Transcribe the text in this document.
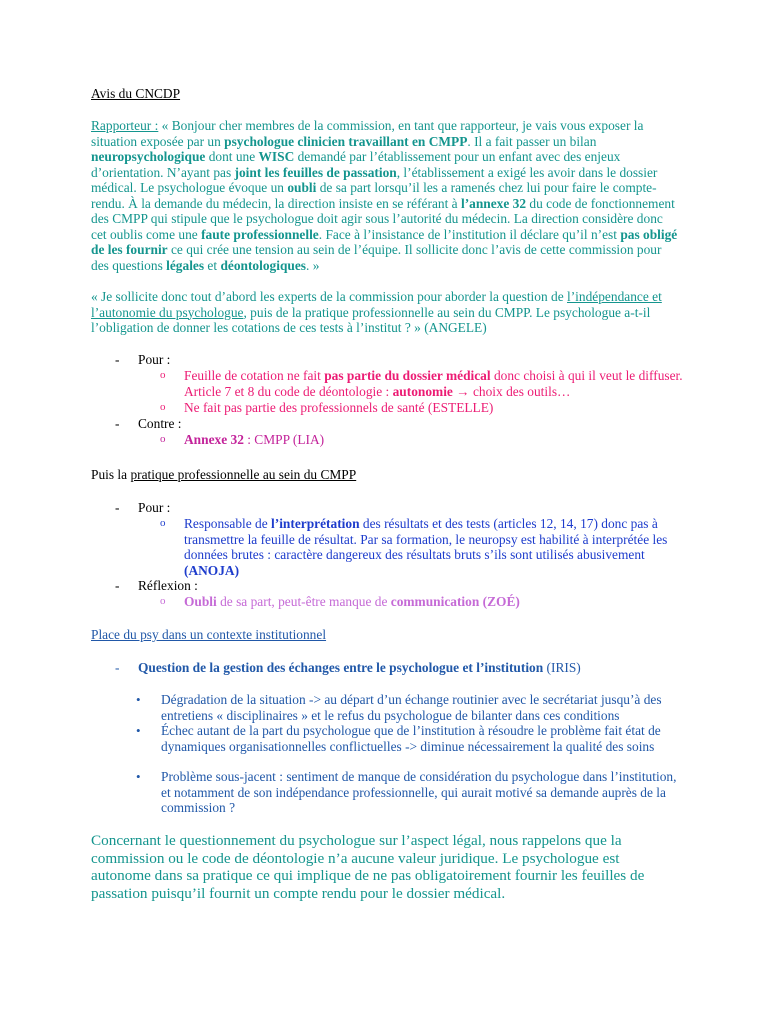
Avis du CNCDP
Rapporteur : « Bonjour cher membres de la commission, en tant que rapporteur, je vais vous exposer la situation exposée par un psychologue clinicien travaillant en CMPP. Il a fait passer un bilan neuropsychologique dont une WISC demandé par l’établissement pour un enfant avec des enjeux d’orientation. N’ayant pas joint les feuilles de passation, l’établissement a exigé les avoir dans le dossier médical. Le psychologue évoque un oubli de sa part lorsqu’il les a ramenés chez lui pour faire le compte-rendu. À la demande du médecin, la direction insiste en se référant à l’annexe 32 du code de fonctionnement des CMPP qui stipule que le psychologue doit agir sous l’autorité du médecin. La direction considère donc cet oublis come une faute professionnelle. Face à l’insistance de l’institution il déclare qu’il n’est pas obligé de les fournir ce qui crée une tension au sein de l’équipe. Il sollicite donc l’avis de cette commission pour des questions légales et déontologiques. »
« Je sollicite donc tout d’abord les experts de la commission pour aborder la question de l’indépendance et l’autonomie du psychologue, puis de la pratique professionnelle au sein du CMPP. Le psychologue a-t-il l’obligation de donner les cotations de ces tests à l’institut ? » (ANGELE)
- Pour :
o Feuille de cotation ne fait pas partie du dossier médical donc choisi à qui il veut le diffuser. Article 7 et 8 du code de déontologie : autonomie → choix des outils…
o Ne fait pas partie des professionnels de santé (ESTELLE)
- Contre :
o Annexe 32 : CMPP (LIA)
Puis la pratique professionnelle au sein du CMPP
- Pour :
o Responsable de l’interprétation des résultats et des tests (articles 12, 14, 17) donc pas à transmettre la feuille de résultat. Par sa formation, le neuropsy est habilité à interprétée les données brutes : caractère dangereux des résultats bruts s’ils sont utilisés abusivement (ANOJA)
- Réflexion :
o Oubli de sa part, peut-être manque de communication (ZOÉ)
Place du psy dans un contexte institutionnel
- Question de la gestion des échanges entre le psychologue et l’institution (IRIS)
• Dégradation de la situation -> au départ d’un échange routinier avec le secrétariat jusqu’à des entretiens « disciplinaires » et le refus du psychologue de bilanter dans ces conditions
• Échec autant de la part du psychologue que de l’institution à résoudre le problème fait état de dynamiques organisationnelles conflictuelles -> diminue nécessairement la qualité des soins
• Problème sous-jacent : sentiment de manque de considération du psychologue dans l’institution, et notamment de son indépendance professionnelle, qui aurait motivé sa demande auprès de la commission ?
Concernant le questionnement du psychologue sur l’aspect légal, nous rappelons que la commission ou le code de déontologie n’a aucune valeur juridique. Le psychologue est autonome dans sa pratique ce qui implique de ne pas obligatoirement fournir les feuilles de passation puisqu’il fournit un compte rendu pour le dossier médical.
